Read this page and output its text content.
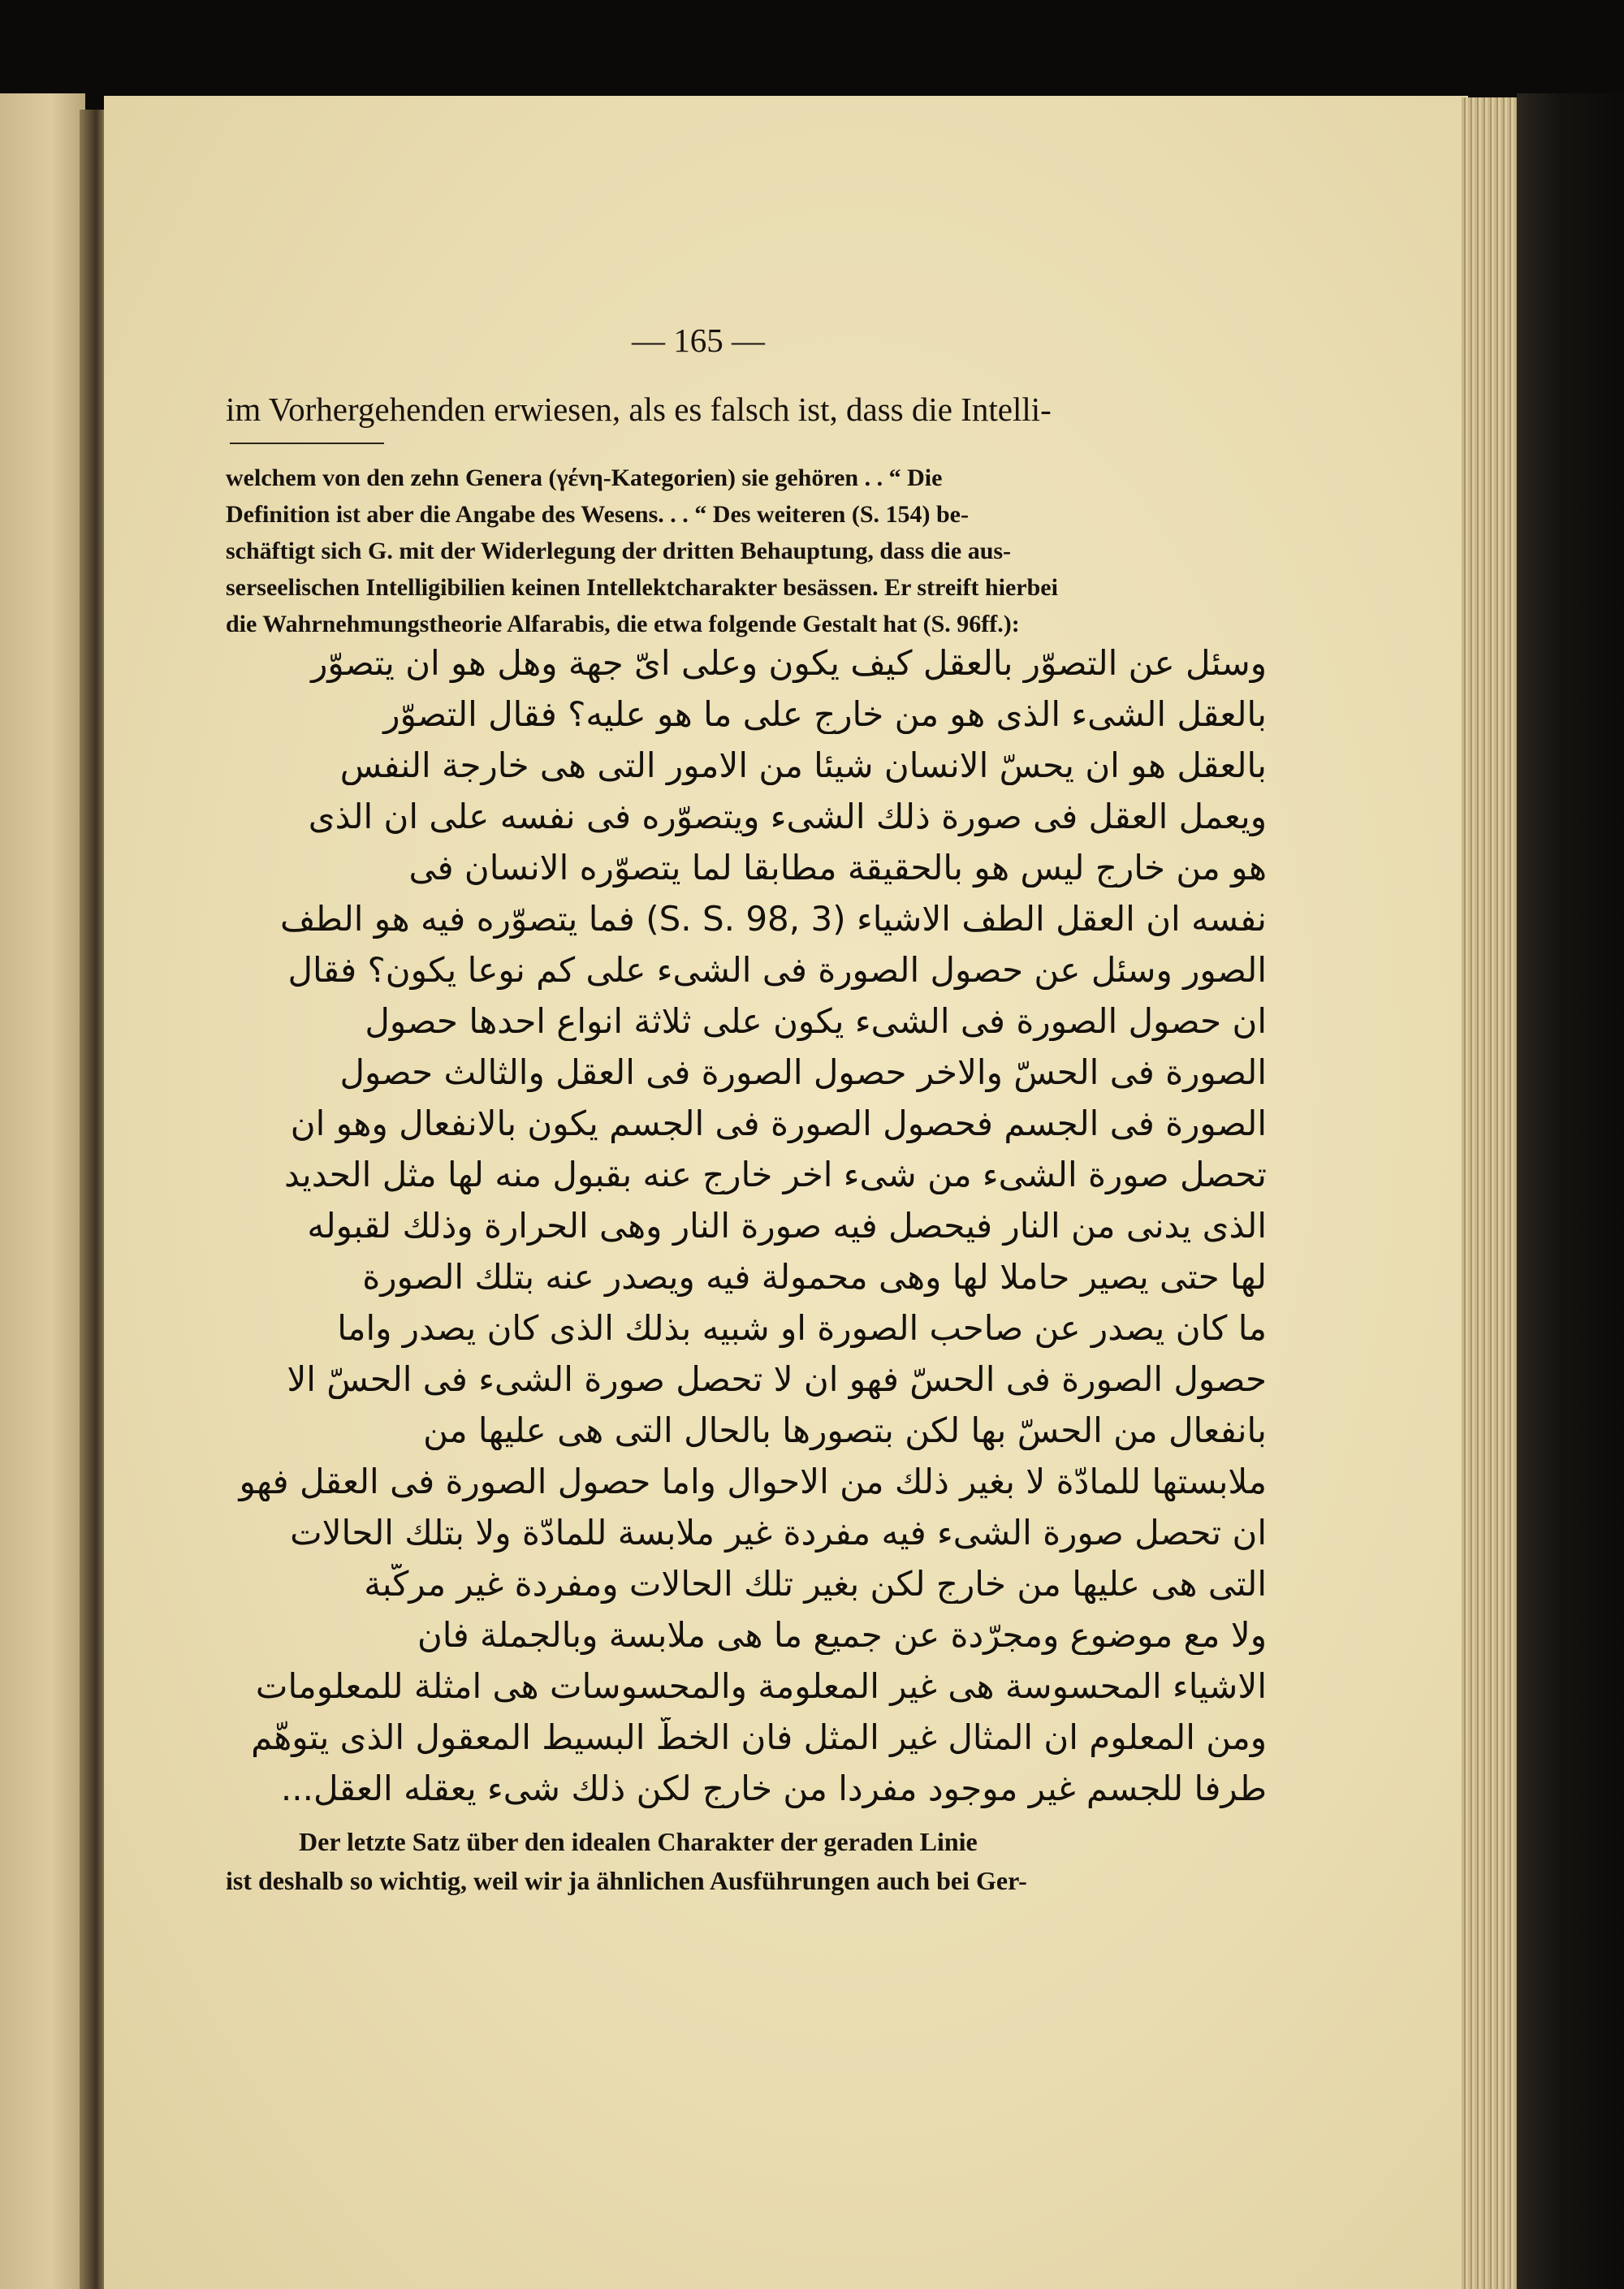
— 165 —
im Vorhergehenden erwiesen, als es falsch ist, dass die Intelli-
welchem von den zehn Genera (γένη-Kategorien) sie gehören . . “ Die
Definition ist aber die Angabe des Wesens. . . “ Des weiteren (S. 154) be-
schäftigt sich G. mit der Widerlegung der dritten Behauptung, dass die aus-
serseelischen Intelligibilien keinen Intellektcharakter besässen. Er streift hierbei
die Wahrnehmungstheorie Alfarabis, die etwa folgende Gestalt hat (S. 96ff.):
وسئل عن التصوّر بالعقل كيف يكون وعلى اىّ جهة وهل هو ان يتصوّر
بالعقل الشىء الذى هو من خارج على ما هو عليه؟ فقال التصوّر
بالعقل هو ان يحسّ الانسان شيئا من الامور التى هى خارجة النفس
ويعمل العقل فى صورة ذلك الشىء ويتصوّره فى نفسه على ان الذى
هو من خارج ليس هو بالحقيقة مطابقا لما يتصوّره الانسان فى
نفسه ان العقل الطف الاشياء (S. S. 98, 3) فما يتصوّره فيه هو الطف
الصور وسئل عن حصول الصورة فى الشىء على كم نوعا يكون؟ فقال
ان حصول الصورة فى الشىء يكون على ثلاثة انواع احدها حصول
الصورة فى الحسّ والاخر حصول الصورة فى العقل والثالث حصول
الصورة فى الجسم فحصول الصورة فى الجسم يكون بالانفعال وهو ان
تحصل صورة الشىء من شىء اخر خارج عنه بقبول منه لها مثل الحديد
الذى يدنى من النار فيحصل فيه صورة النار وهى الحرارة وذلك لقبوله
لها حتى يصير حاملا لها وهى محمولة فيه ويصدر عنه بتلك الصورة
ما كان يصدر عن صاحب الصورة او شبيه بذلك الذى كان يصدر واما
حصول الصورة فى الحسّ فهو ان لا تحصل صورة الشىء فى الحسّ الا
بانفعال من الحسّ بها لكن بتصورها بالحال التى هى عليها من
ملابستها للمادّة لا بغير ذلك من الاحوال واما حصول الصورة فى العقل فهو
ان تحصل صورة الشىء فيه مفردة غير ملابسة للمادّة ولا بتلك الحالات
التى هى عليها من خارج لكن بغير تلك الحالات ومفردة غير مركّبة
ولا مع موضوع ومجرّدة عن جميع ما هى ملابسة وبالجملة فان
الاشياء المحسوسة هى غير المعلومة والمحسوسات هى امثلة للمعلومات
ومن المعلوم ان المثال غير المثل فان الخطّ البسيط المعقول الذى يتوهّم
طرفا للجسم غير موجود مفردا من خارج لكن ذلك شىء يعقله العقل...
Der letzte Satz über den idealen Charakter der geraden Linie
ist deshalb so wichtig, weil wir ja ähnlichen Ausführungen auch bei Ger-
